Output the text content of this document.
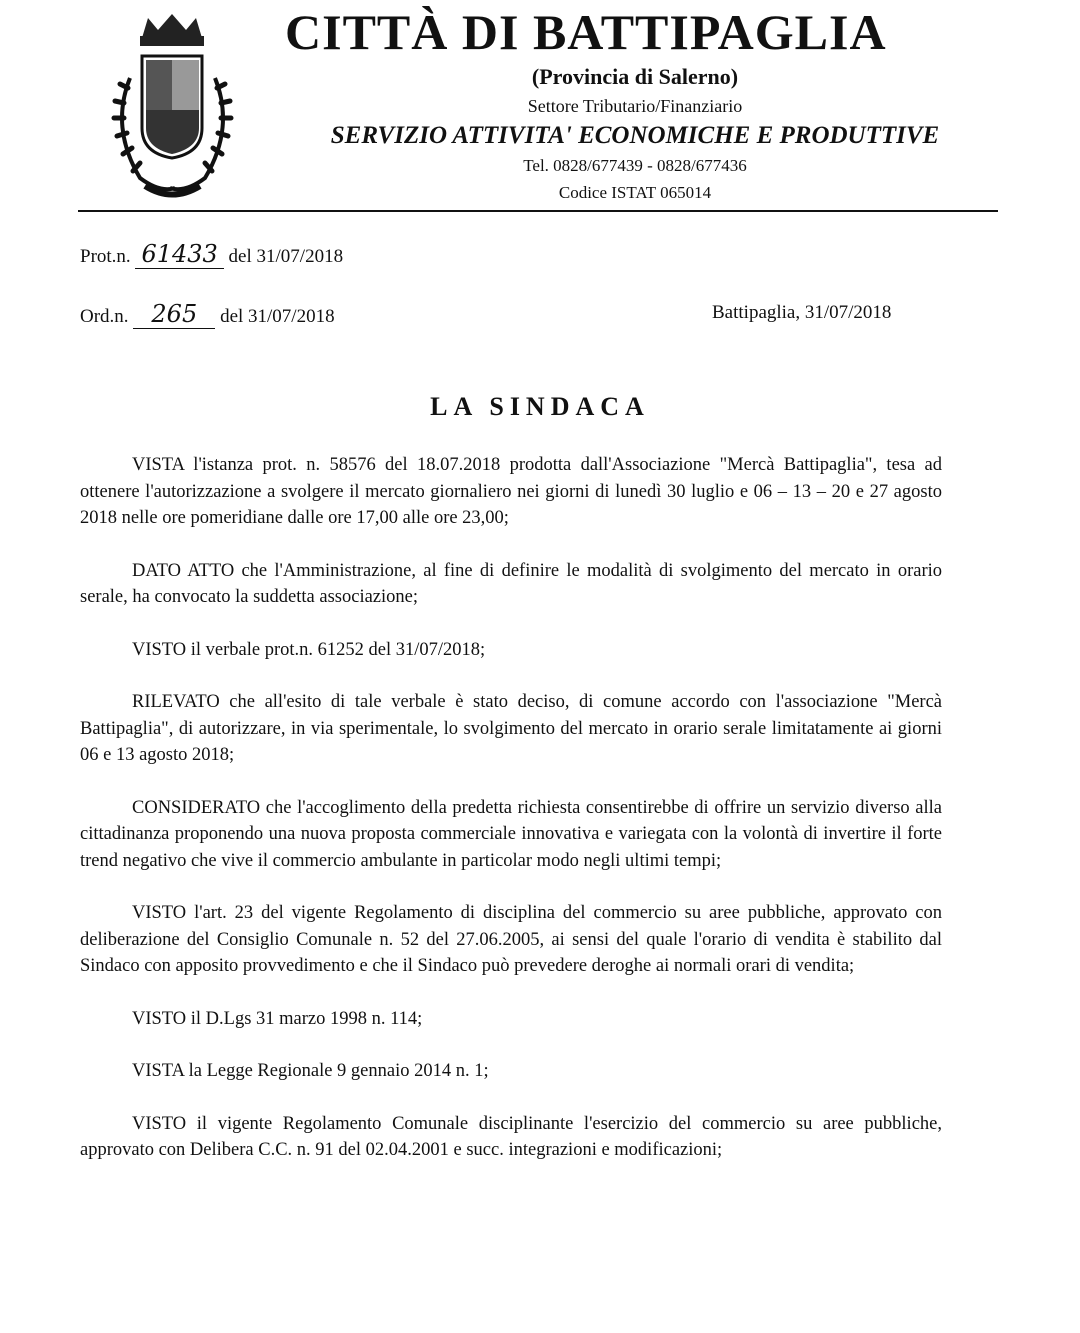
CITTÀ DI BATTIPAGLIA
(Provincia di Salerno)
Settore Tributario/Finanziario
SERVIZIO ATTIVITA' ECONOMICHE E PRODUTTIVE
Tel. 0828/677439 - 0828/677436
Codice ISTAT 065014
Prot.n. 61433 del 31/07/2018
Ord.n. 265 del 31/07/2018	Battipaglia, 31/07/2018
LA SINDACA

VISTA l'istanza prot. n. 58576 del 18.07.2018 prodotta dall'Associazione "Mercà Battipaglia", tesa ad ottenere l'autorizzazione a svolgere il mercato giornaliero nei giorni di lunedì 30 luglio e 06 – 13 – 20 e 27 agosto 2018 nelle ore pomeridiane dalle ore 17,00 alle ore 23,00;

DATO ATTO che l'Amministrazione, al fine di definire le modalità di svolgimento del mercato in orario serale, ha convocato la suddetta associazione;

VISTO il verbale prot.n. 61252 del 31/07/2018;

RILEVATO che all'esito di tale verbale è stato deciso, di comune accordo con l'associazione "Mercà Battipaglia", di autorizzare, in via sperimentale, lo svolgimento del mercato in orario serale limitatamente ai giorni 06 e 13 agosto 2018;

CONSIDERATO che l'accoglimento della predetta richiesta consentirebbe di offrire un servizio diverso alla cittadinanza proponendo una nuova proposta commerciale innovativa e variegata con la volontà di invertire il forte trend negativo che vive il commercio ambulante in particolar modo negli ultimi tempi;

VISTO l'art. 23 del vigente Regolamento di disciplina del commercio su aree pubbliche, approvato con deliberazione del Consiglio Comunale n. 52 del 27.06.2005, ai sensi del quale l'orario di vendita è stabilito dal Sindaco con apposito provvedimento e che il Sindaco può prevedere deroghe ai normali orari di vendita;

VISTO il D.Lgs 31 marzo 1998 n. 114;

VISTA la Legge Regionale 9 gennaio 2014 n. 1;

VISTO il vigente Regolamento Comunale disciplinante l'esercizio del commercio su aree pubbliche, approvato con Delibera C.C. n. 91 del 02.04.2001 e succ. integrazioni e modificazioni;
